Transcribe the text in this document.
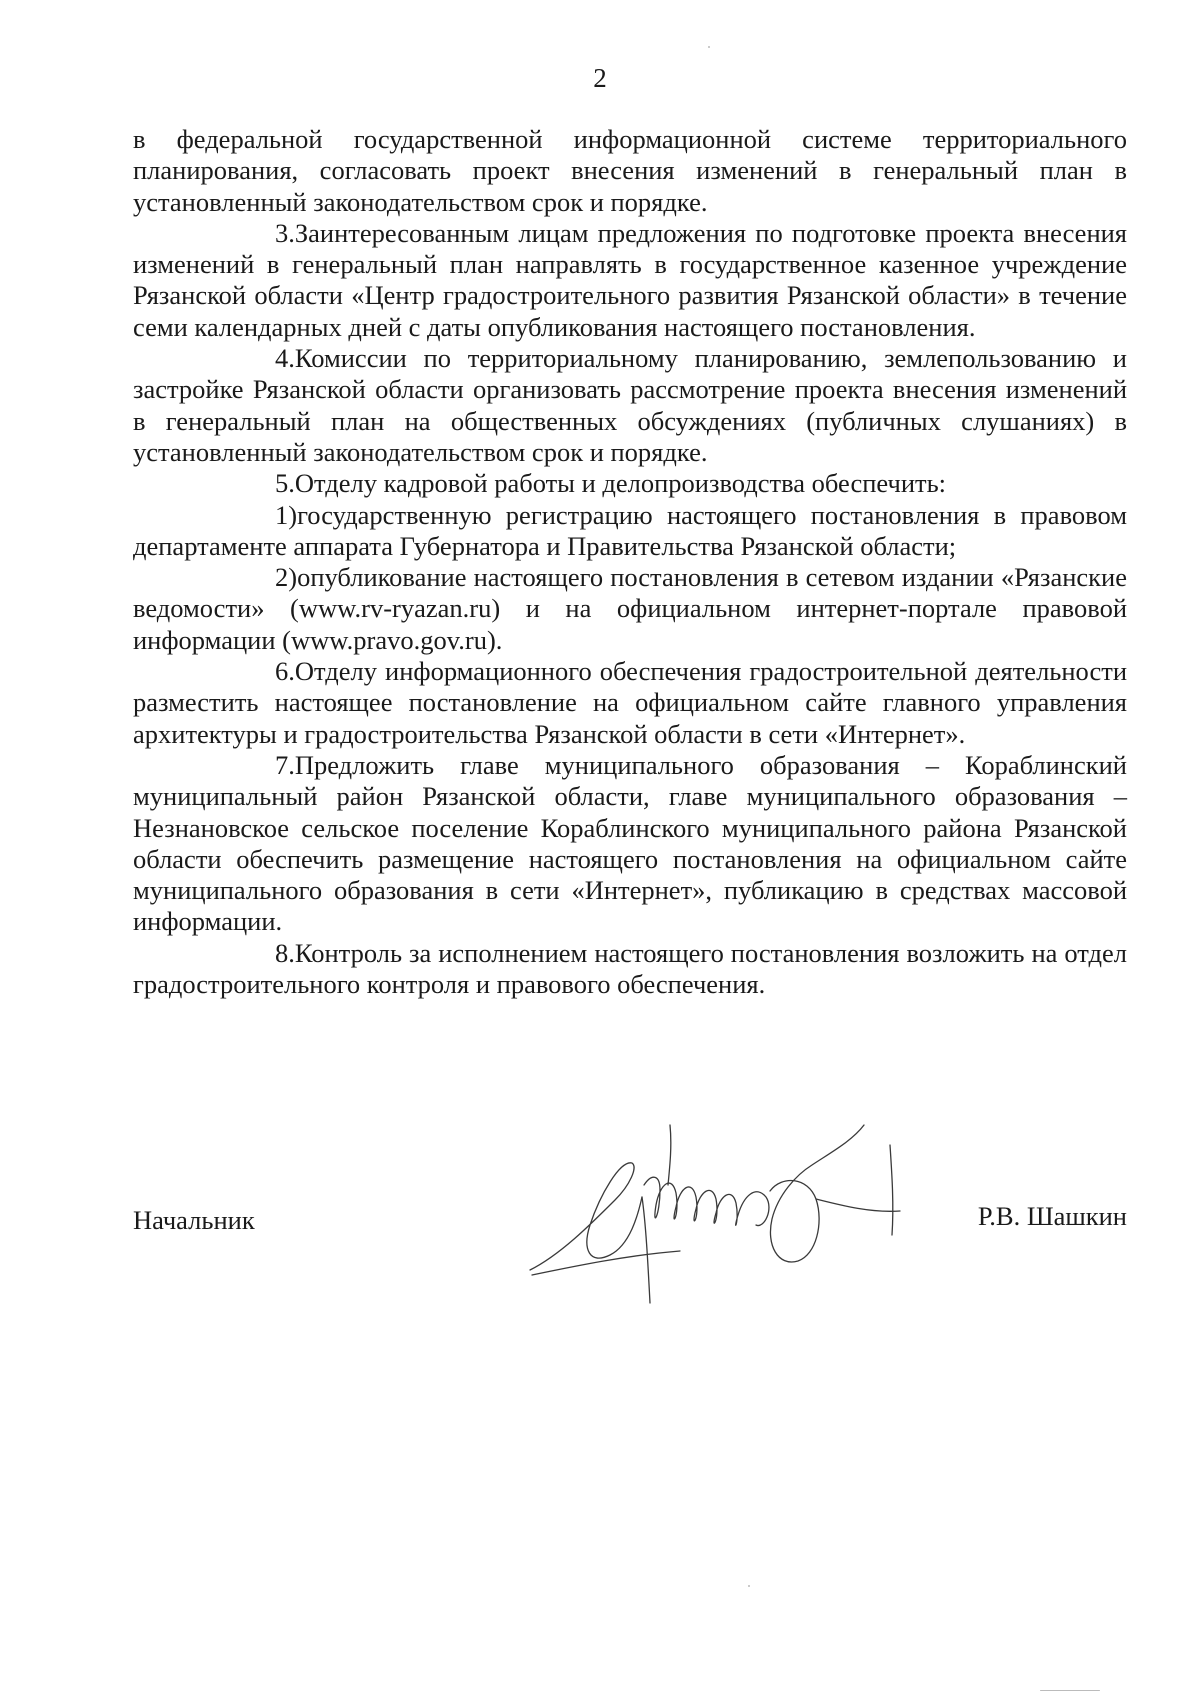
2

в федеральной государственной информационной системе территориального планирования, согласовать проект внесения изменений в генеральный план в установленный законодательством срок и порядке.

3.Заинтересованным лицам предложения по подготовке проекта внесения изменений в генеральный план направлять в государственное казенное учреждение Рязанской области «Центр градостроительного развития Рязанской области» в течение семи календарных дней с даты опубликования настоящего постановления.

4.Комиссии по территориальному планированию, землепользованию и застройке Рязанской области организовать рассмотрение проекта внесения изменений в генеральный план на общественных обсуждениях (публичных слушаниях) в установленный законодательством срок и порядке.

5.Отделу кадровой работы и делопроизводства обеспечить:

1)государственную регистрацию настоящего постановления в правовом департаменте аппарата Губернатора и Правительства Рязанской области;

2)опубликование настоящего постановления в сетевом издании «Рязанские ведомости» (www.rv-ryazan.ru) и на официальном интернет-портале правовой информации (www.pravo.gov.ru).

6.Отделу информационного обеспечения градостроительной деятельности разместить настоящее постановление на официальном сайте главного управления архитектуры и градостроительства Рязанской области в сети «Интернет».

7.Предложить главе муниципального образования – Кораблинский муниципальный район Рязанской области, главе муниципального образования – Незнановское сельское поселение Кораблинского муниципального района Рязанской области обеспечить размещение настоящего постановления на официальном сайте муниципального образования в сети «Интернет», публикацию в средствах массовой информации.

8.Контроль за исполнением настоящего постановления возложить на отдел градостроительного контроля и правового обеспечения.

Начальник	Р.В. Шашкин
